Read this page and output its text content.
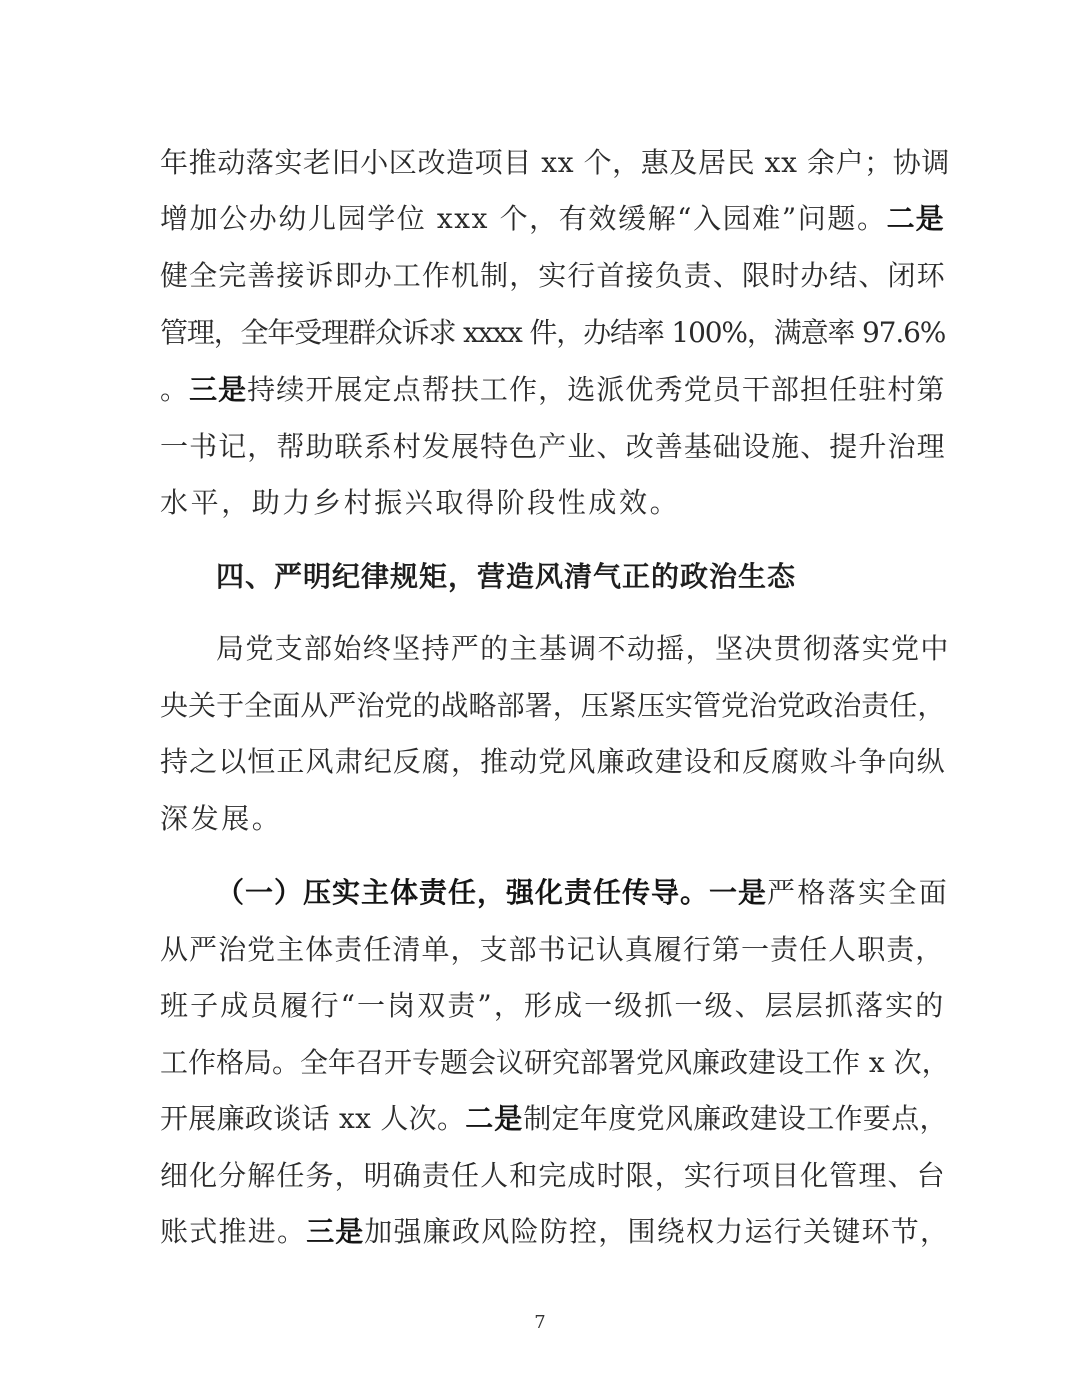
年推动落实老旧小区改造项目 xx 个，惠及居民 xx 余户；协调
增加公办幼儿园学位 xxx 个，有效缓解“入园难”问题。二是
健全完善接诉即办工作机制，实行首接负责、限时办结、闭环
管理，全年受理群众诉求 xxxx 件，办结率 100%，满意率 97.6%
。三是持续开展定点帮扶工作，选派优秀党员干部担任驻村第
一书记，帮助联系村发展特色产业、改善基础设施、提升治理
水平，助力乡村振兴取得阶段性成效。
四、严明纪律规矩，营造风清气正的政治生态
局党支部始终坚持严的主基调不动摇，坚决贯彻落实党中
央关于全面从严治党的战略部署，压紧压实管党治党政治责任，
持之以恒正风肃纪反腐，推动党风廉政建设和反腐败斗争向纵
深发展。
（一）压实主体责任，强化责任传导。一是严格落实全面
从严治党主体责任清单，支部书记认真履行第一责任人职责，
班子成员履行“一岗双责”，形成一级抓一级、层层抓落实的
工作格局。全年召开专题会议研究部署党风廉政建设工作 x 次，
开展廉政谈话 xx 人次。二是制定年度党风廉政建设工作要点，
细化分解任务，明确责任人和完成时限，实行项目化管理、台
账式推进。三是加强廉政风险防控，围绕权力运行关键环节，
7
